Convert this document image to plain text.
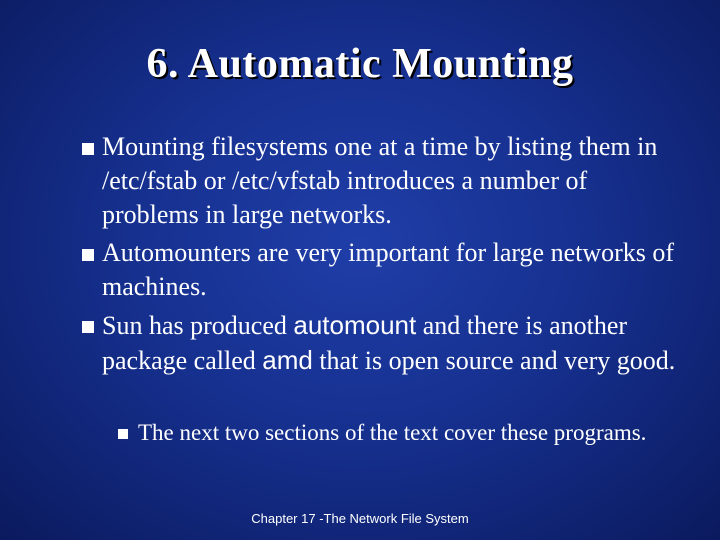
6. Automatic Mounting
Mounting filesystems one at a time by listing them in /etc/fstab or /etc/vfstab introduces a number of problems in large networks.
Automounters are very important for large networks of machines.
Sun has produced automount and there is another package called amd that is open source and very good.
The next two sections of the text cover these programs.
Chapter 17 -The Network File System
